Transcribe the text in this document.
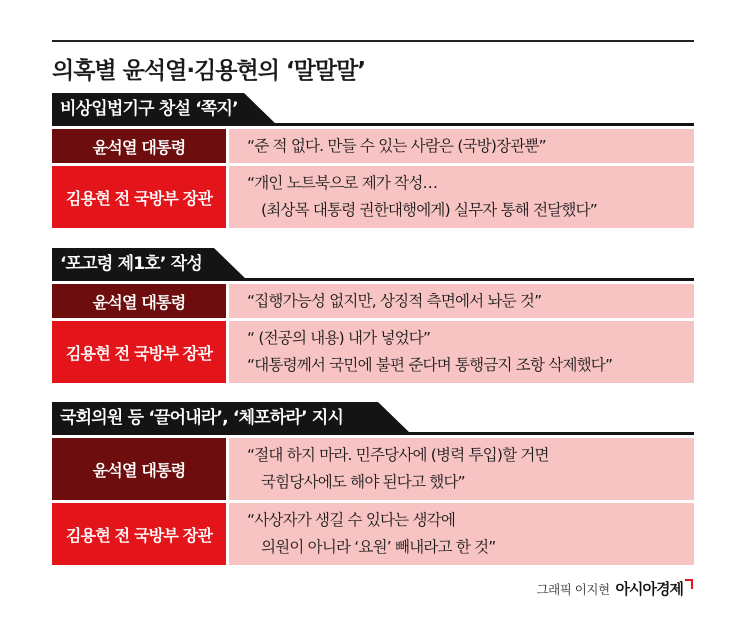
의혹별 윤석열·김용현의 ‘말말말’
비상입법기구 창설 ‘쪽지’
윤석열 대통령	“준 적 없다. 만들 수 있는 사람은 (국방)장관뿐”
김용현 전 국방부 장관
“개인 노트북으로 제가 작성…
(최상목 대통령 권한대행에게) 실무자 통해 전달했다”
‘포고령 제1호’ 작성
윤석열 대통령	“집행가능성 없지만, 상징적 측면에서 놔둔 것”
김용현 전 국방부 장관
“ (전공의 내용) 내가 넣었다”
“대통령께서 국민에 불편 준다며 통행금지 조항 삭제했다”
국회의원 등 ‘끌어내라’, ‘체포하라’ 지시
윤석열 대통령
“절대 하지 마라. 민주당사에 (병력 투입)할 거면
국힘당사에도 해야 된다고 했다”
김용현 전 국방부 장관
“사상자가 생길 수 있다는 생각에
의원이 아니라 ‘요원’ 빼내라고 한 것”
그래픽 이지현 아시아경제
